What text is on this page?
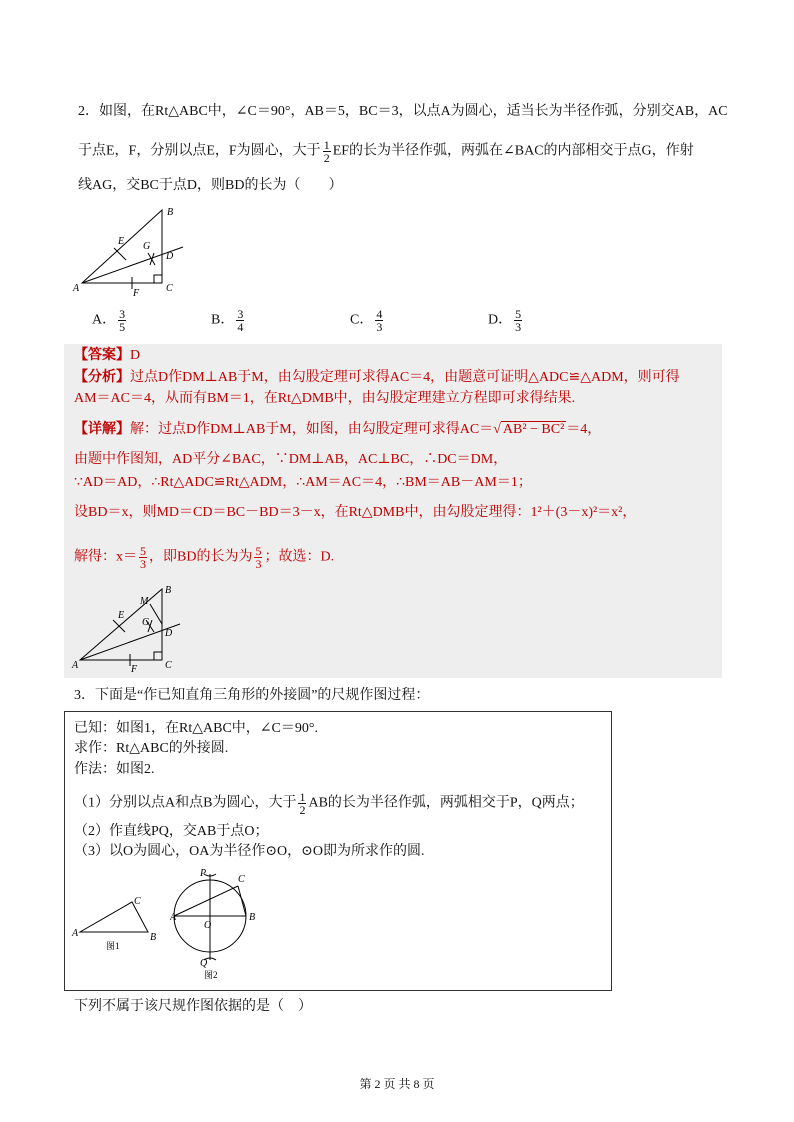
2．如图，在Rt△ABC中，∠C＝90°，AB＝5，BC＝3，以点A为圆心，适当长为半径作弧，分别交AB，AC
于点E，F，分别以点E，F为圆心，大于 $\frac{1}{2}$ EF的长为半径作弧，两弧在∠BAC的内部相交于点G，作射
线AG，交BC于点D，则BD的长为（　　）
A
B
C
D
E
F
G
A． $\frac{3}{5}$	B． $\frac{3}{4}$	C． $\frac{4}{3}$	D． $\frac{5}{3}$
【答案】D
【分析】过点D作DM⊥AB于M，由勾股定理可求得AC＝4，由题意可证明△ADC≌△ADM，则可得
AM＝AC＝4，从而有BM＝1，在Rt△DMB中，由勾股定理建立方程即可求得结果.
【详解】解：过点D作DM⊥AB于M，如图，由勾股定理可求得AC＝√ AB² − BC² ＝4，
由题中作图知，AD平分∠BAC，∵DM⊥AB，AC⊥BC，∴DC＝DM，
∵AD＝AD，∴Rt△ADC≌Rt△ADM，∴AM＝AC＝4，∴BM＝AB－AM＝1；
设BD＝x，则MD＝CD＝BC－BD＝3－x，在Rt△DMB中，由勾股定理得：1²＋(3－x)²＝x²，
解得：$x= \frac{5}{3}$ ，即BD的长为为 $\frac{5}{3}$ ；故选：D.
A
B
C
D
E
F
G
M
3．下面是“作已知直角三角形的外接圆”的尺规作图过程：
已知：如图1，在Rt△ABC中，∠C＝90°.
求作：Rt△ABC的外接圆.
作法：如图2.
（1）分别以点A和点B为圆心，大于 $\frac{1}{2}$ AB的长为半径作弧，两弧相交于P，Q两点；
（2）作直线PQ，交AB于点O；
（3）以O为圆心，OA为半径作⊙O，⊙O即为所求作的圆.
A	B
C
图1
P
A	B
C
O
Q
图2
下列不属于该尺规作图依据的是（　）
第 2 页 共 8 页
